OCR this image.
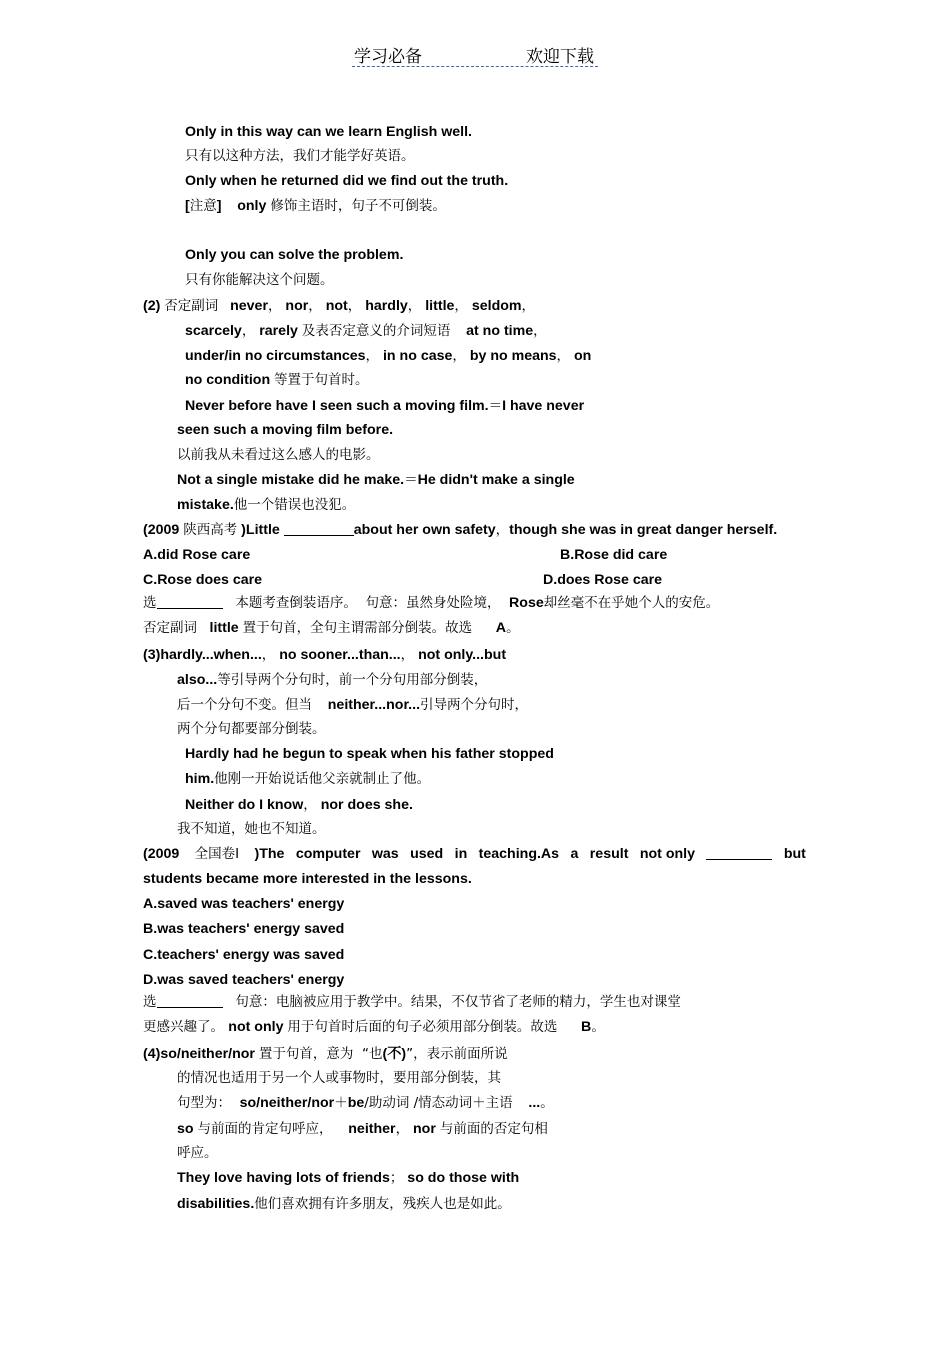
学习必备	欢迎下载
Only in this way can we learn English well.
只有以这种方法，我们才能学好英语。
Only when he returned did we find out the truth.
[注意]    only 修饰主语时，句子不可倒装。
Only you can solve the problem.
只有你能解决这个问题。
(2) 否定副词   never， nor， not， hardly， little， seldom，
scarcely， rarely 及表否定意义的介词短语    at no time，
under/in no circumstances， in no case， by no means， on
no condition 等置于句首时。
Never before have I seen such a moving film.＝I have never
seen such a moving film before.
以前我从未看过这么感人的电影。
Not a single mistake did he make.＝He didn't make a single
mistake.他一个错误也没犯。
(2009 陕西高考 )Little	about her own safety，though she was in great danger herself.
A.did Rose care	B.Rose did care
C.Rose does care	D.does Rose care
选	本题考查倒装语序。  句意：虽然身处险境，  Rose却丝毫不在乎她个人的安危。
否定副词   little 置于句首，全句主谓需部分倒装。故选      A。
(3)hardly...when...， no sooner...than...， not only...but
also...等引导两个分句时，前一个分句用部分倒装，
后一个分句不变。但当    neither...nor...引导两个分句时，
两个分句都要部分倒装。
Hardly had he begun to speak when his father stopped
him.他刚一开始说话他父亲就制止了他。
Neither do I know， nor does she.
我不知道，她也不知道。
(2009 全国卷Ⅰ )The computer was used in teaching.As a result not only	but
students became more interested in the lessons.
A.saved was teachers' energy
B.was teachers' energy saved
C.teachers' energy was saved
D.was saved teachers' energy
选	句意：电脑被应用于教学中。结果，不仅节省了老师的精力，学生也对课堂
更感兴趣了。 not only 用于句首时后面的句子必须用部分倒装。故选      B。
(4)so/neither/nor 置于句首，意为  “也(不)”，表示前面所说
的情况也适用于另一个人或事物时，要用部分倒装，其
句型为：  so/neither/nor＋be/助动词 /情态动词＋主语    ...。
so 与前面的肯定句呼应，    neither， nor 与前面的否定句相
呼应。
They love having lots of friends； so do those with
disabilities.他们喜欢拥有许多朋友，残疾人也是如此。
